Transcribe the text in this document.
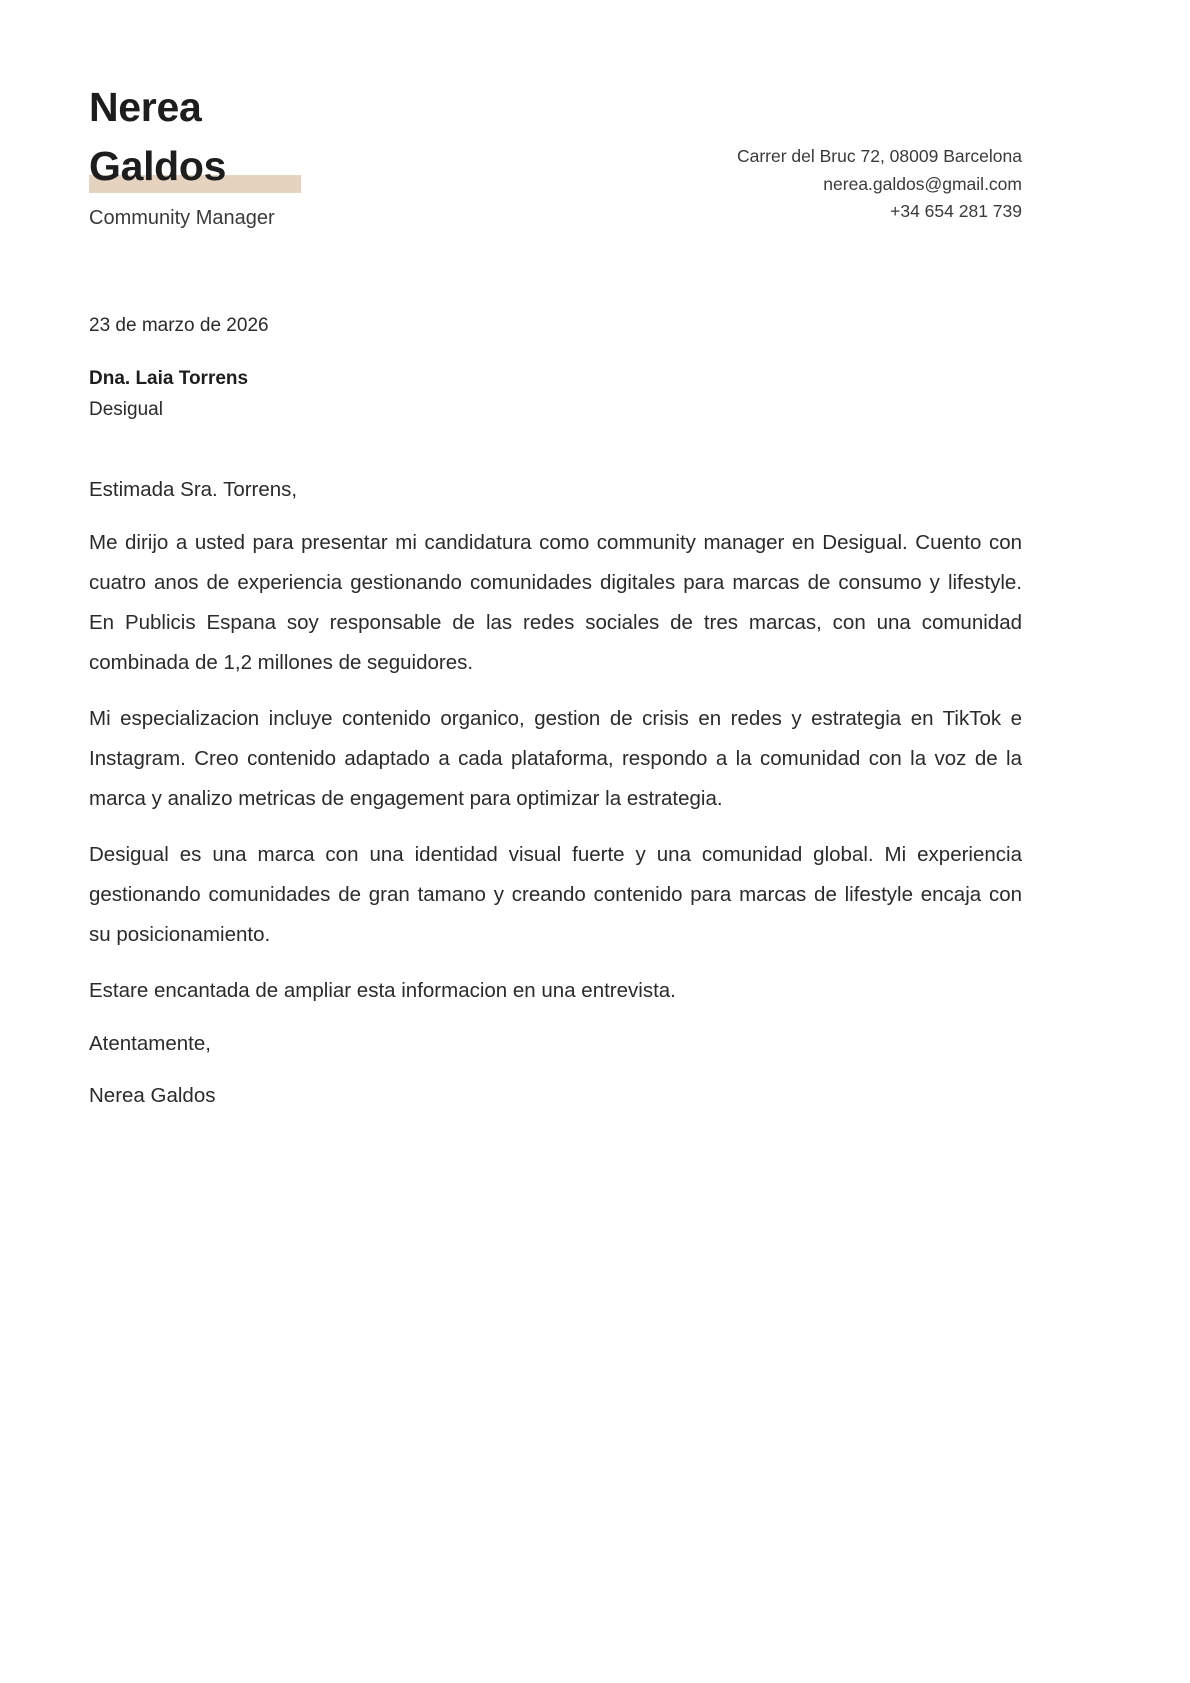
Nerea
Galdos
Community Manager
Carrer del Bruc 72, 08009 Barcelona
nerea.galdos@gmail.com
+34 654 281 739
23 de marzo de 2026
Dna. Laia Torrens
Desigual
Estimada Sra. Torrens,

Me dirijo a usted para presentar mi candidatura como community manager en Desigual. Cuento con cuatro anos de experiencia gestionando comunidades digitales para marcas de consumo y lifestyle. En Publicis Espana soy responsable de las redes sociales de tres marcas, con una comunidad combinada de 1,2 millones de seguidores.

Mi especializacion incluye contenido organico, gestion de crisis en redes y estrategia en TikTok e Instagram. Creo contenido adaptado a cada plataforma, respondo a la comunidad con la voz de la marca y analizo metricas de engagement para optimizar la estrategia.

Desigual es una marca con una identidad visual fuerte y una comunidad global. Mi experiencia gestionando comunidades de gran tamano y creando contenido para marcas de lifestyle encaja con su posicionamiento.

Estare encantada de ampliar esta informacion en una entrevista.

Atentamente,

Nerea Galdos
